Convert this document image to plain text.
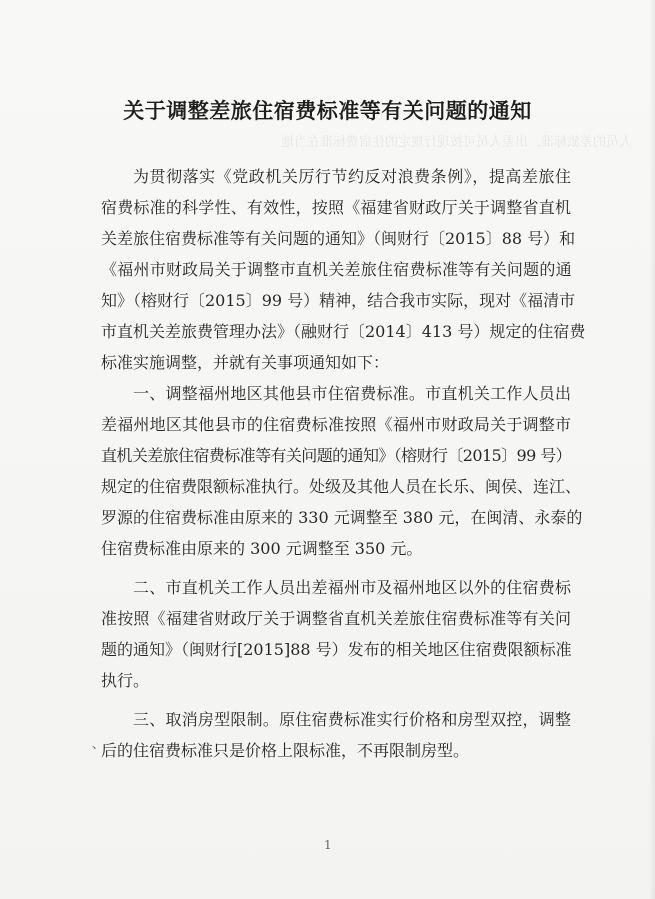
关于调整差旅住宿费标准等有关问题的通知
人员的差旅标准，出差人员可按现行规定的住宿费标准在当地
为贯彻落实《党政机关厉行节约反对浪费条例》，提高差旅住
宿费标准的科学性、有效性，按照《福建省财政厅关于调整省直机
关差旅住宿费标准等有关问题的通知》（闽财行〔2015〕88 号）和
《福州市财政局关于调整市直机关差旅住宿费标准等有关问题的通
知》（榕财行〔2015〕99 号）精神，结合我市实际，现对《福清市
市直机关差旅费管理办法》（融财行〔2014〕413 号）规定的住宿费
标准实施调整，并就有关事项通知如下：
一、调整福州地区其他县市住宿费标准。市直机关工作人员出
差福州地区其他县市的住宿费标准按照《福州市财政局关于调整市
直机关差旅住宿费标准等有关问题的通知》（榕财行〔2015〕99 号）
规定的住宿费限额标准执行。处级及其他人员在长乐、闽侯、连江、
罗源的住宿费标准由原来的 330 元调整至 380 元，在闽清、永泰的
住宿费标准由原来的 300 元调整至 350 元。
二、市直机关工作人员出差福州市及福州地区以外的住宿费标
准按照《福建省财政厅关于调整省直机关差旅住宿费标准等有关问
题的通知》（闽财行[2015]88 号）发布的相关地区住宿费限额标准
执行。
三、取消房型限制。原住宿费标准实行价格和房型双控，调整
后的住宿费标准只是价格上限标准，不再限制房型。
、
1
